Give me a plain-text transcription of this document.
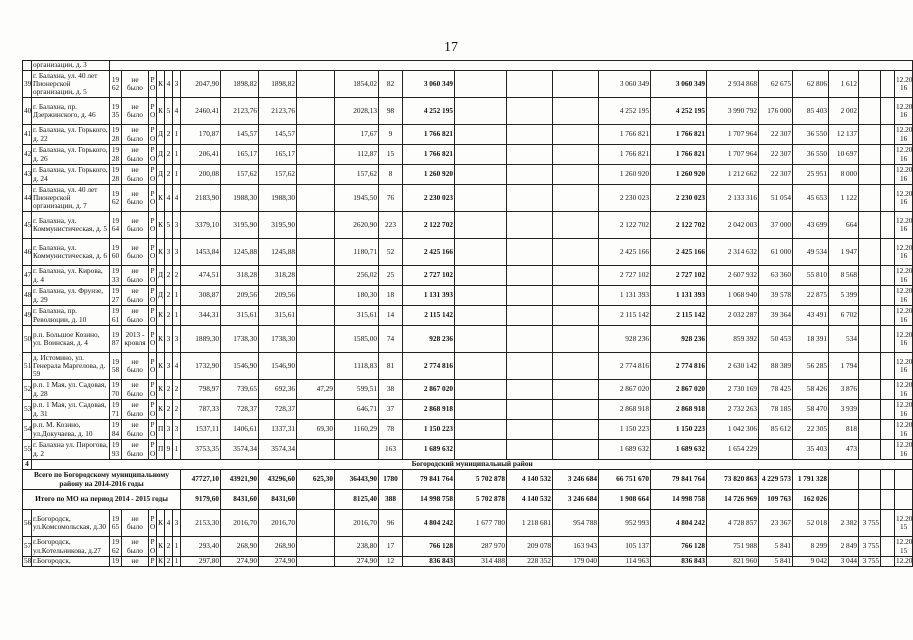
17
	организации, д. 3																									
39	г. Балахна, ул. 40 лет Пионерской организации, д. 5	19 62	не было	Р О	К	4	3	2047,90	1898,82	1898,82		1854,02	82	3 060 349				3 060 349	3 060 349	2 934 868	62 675	62 806	1 612			12.20 16
40	г. Балахна, пр. Дзержинского, д. 46	19 35	не было	Р О	К	5	4	2460,41	2123,76	2123,76		2028,13	98	4 252 195				4 252 195	4 252 195	3 990 792	176 000	85 403	2 002			12.20 16
41	г. Балахна, ул. Горького, д. 22	19 28	не было	Р О	Д	2	1	170,87	145,57	145,57		17,67	9	1 766 821				1 766 821	1 766 821	1 707 964	22 307	36 550	12 137			12.20 16
42	г. Балахна, ул. Горького, д. 26	19 28	не было	Р О	Д	2	1	206,41	165,17	165,17		112,87	15	1 766 821				1 766 821	1 766 821	1 707 964	22 307	36 550	10 697			12.20 16
43	г. Балахна, ул. Горького, д. 24	19 28	не было	Р О	Д	2	1	200,08	157,62	157,62		157,62	8	1 260 920				1 260 920	1 260 920	1 212 662	22 307	25 951	8 000			12.20 16
44	г. Балахна, ул. 40 лет Пионерской организации, д. 7	19 62	не было	Р О	К	4	4	2183,90	1988,30	1988,30		1945,50	76	2 230 023				2 230 023	2 230 023	2 133 316	51 054	45 653	1 122			12.20 16
45	г. Балахна, ул. Коммунистическая, д. 5	19 64	не было	Р О	К	5	3	3379,10	3195,90	3195,90		2620,90	223	2 122 702				2 122 702	2 122 702	2 042 003	37 000	43 699	664			12.20 16
46	г. Балахна, ул. Коммунистическая, д. 6	19 60	не было	Р О	К	3	3	1453,84	1245,88	1245,88		1180,71	52	2 425 166				2 425 166	2 425 166	2 314 632	61 000	49 534	1 947			12.20 16
47	г. Балахна, ул. Кирова, д. 4	19 33	не было	Р О	Д	2	2	474,51	318,28	318,28		256,02	25	2 727 102				2 727 102	2 727 102	2 607 932	63 360	55 810	8 568			12.20 16
48	г. Балахна, ул. Фрунзе, д. 29	19 27	не было	Р О	Д	2	1	308,87	209,56	209,56		180,30	18	1 131 393				1 131 393	1 131 393	1 068 940	39 578	22 875	5 399			12.20 16
49	г. Балахна, пр. Революции, д. 10	19 61	не было	Р О	К	2	1	344,31	315,61	315,61		315,61	14	2 115 142				2 115 142	2 115 142	2 032 287	39 364	43 491	6 702			12.20 16
50	р.п. Большое Козино, ул. Воинская, д. 4	19 87	2013 - кровля	Р О	К	3	3	1889,30	1738,30	1738,30		1585,00	74	928 236				928 236	928 236	859 392	50 453	18 391	534			12.20 16
51	д. Истомино, ул. Генерала Маргелова, д. 59	19 58	не было	Р О	К	3	4	1732,90	1546,90	1546,90		1118,83	81	2 774 816				2 774 816	2 774 816	2 630 142	88 389	56 285	1 794			12.20 16
52	р.п. 1 Мая, ул. Садовая, д. 28	19 70	не было	Р О	К	2	2	798,97	739,65	692,36	47,29	599,51	38	2 867 020				2 867 020	2 867 020	2 730 169	78 425	58 426	3 876			12.20 16
53	р.п. 1 Мая, ул. Садовая, д. 31	19 71	не было	Р О	К	2	2	787,33	728,37	728,37		646,71	37	2 868 918				2 868 918	2 868 918	2 732 263	78 185	58 470	3 939			12.20 16
54	р.п. М. Козино, ул.Докучаева, д. 10	19 84	не было	Р О	П	3	3	1537,11	1406,61	1337,31	69,30	1160,29	78	1 150 223				1 150 223	1 150 223	1 042 306	85 612	22 305	818			12.20 16
55	г. Балахна ул. Пирогова, д. 2	19 93	не было	Р О	П	9	1	3753,35	3574,34	3574,34			163	1 689 632				1 689 632	1 689 632	1 654 229		35 403	473			12.20 16
4	Богородский муниципальный район																									
Всего по Богородскому муниципальному району на 2014-2016 годы								47727,10	43921,90	43296,60	625,30	36443,90	1780	79 841 764	5 702 878	4 140 532	3 246 684	66 751 670	79 841 764	73 820 863	4 229 573	1 791 328				
Итого по МО на период 2014 - 2015 годы								9179,60	8431,60	8431,60		8125,40	388	14 998 758	5 702 878	4 140 532	3 246 684	1 908 664	14 998 758	14 726 969	109 763	162 026				
56	г.Богородск, ул.Комсомольская, д.30	19 65	не было	Р О	К	4	3	2153,30	2016,70	2016,70		2016,70	96	4 804 242	1 677 780	1 218 681	954 788	952 993	4 804 242	4 728 857	23 367	52 018	2 382	3 755		12.20 15
57	г.Богородск, ул.Котельникова, д.27	19 62	не было	Р О	К	2	1	293,40	268,90	268,90		238,80	17	766 128	287 970	209 078	163 943	105 137	766 128	751 988	5 841	8 299	2 849	3 755		12.20 15
58	г.Богородск,	19	не	Р	К	2	1	297,80	274,90	274,90		274,90	12	836 843	314 488	228 352	179 040	114 963	836 843	821 960	5 841	9 042	3 044	3 755		12.20
